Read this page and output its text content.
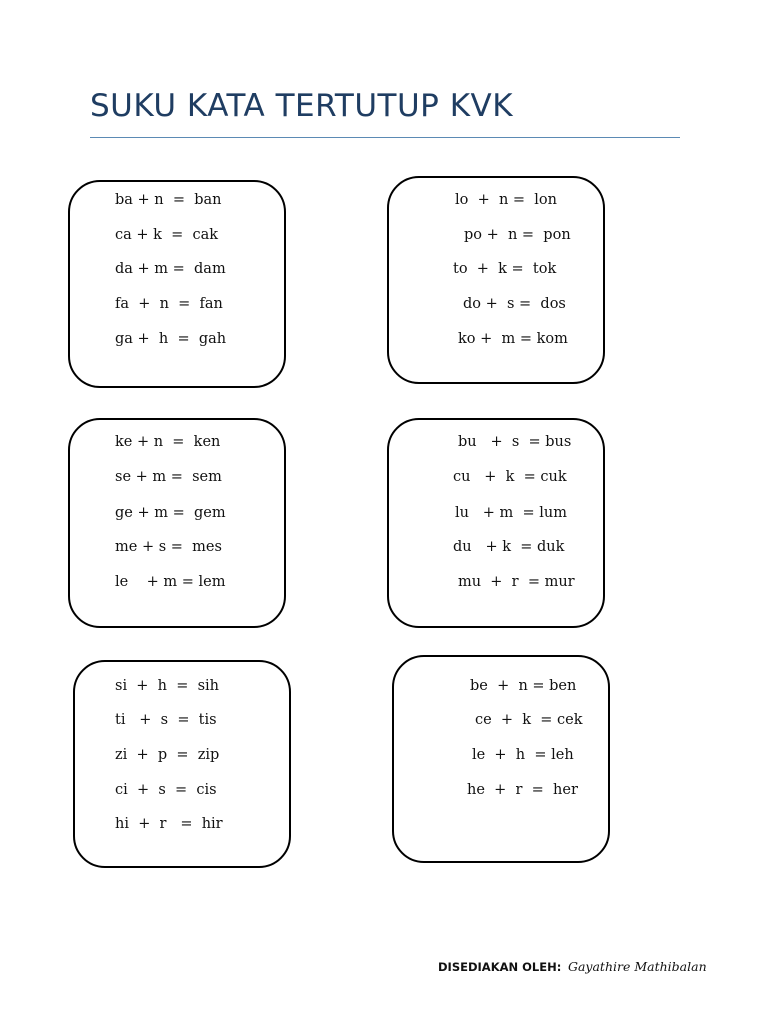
SUKU KATA TERTUTUP KVK
ba + n  =  ban
ca + k  =  cak
da + m =  dam
fa  +  n  =  fan
ga +  h  =  gah
lo  +  n =  lon
po +  n =  pon
to  +  k =  tok
do +  s =  dos
ko +  m = kom
ke + n  =  ken
se + m =  sem
ge + m =  gem
me + s =  mes
le    + m = lem
bu   +  s  = bus
cu   +  k  = cuk
lu   + m  = lum
du   + k  = duk
mu  +  r  = mur
si  +  h  =  sih
ti   +  s  =  tis
zi  +  p  =  zip
ci  +  s  =  cis
hi  +  r   =  hir
be  +  n = ben
ce  +  k  = cek
le  +  h  = leh
he  +  r  =  her
DISEDIAKAN OLEH: Gayathire Mathibalan
